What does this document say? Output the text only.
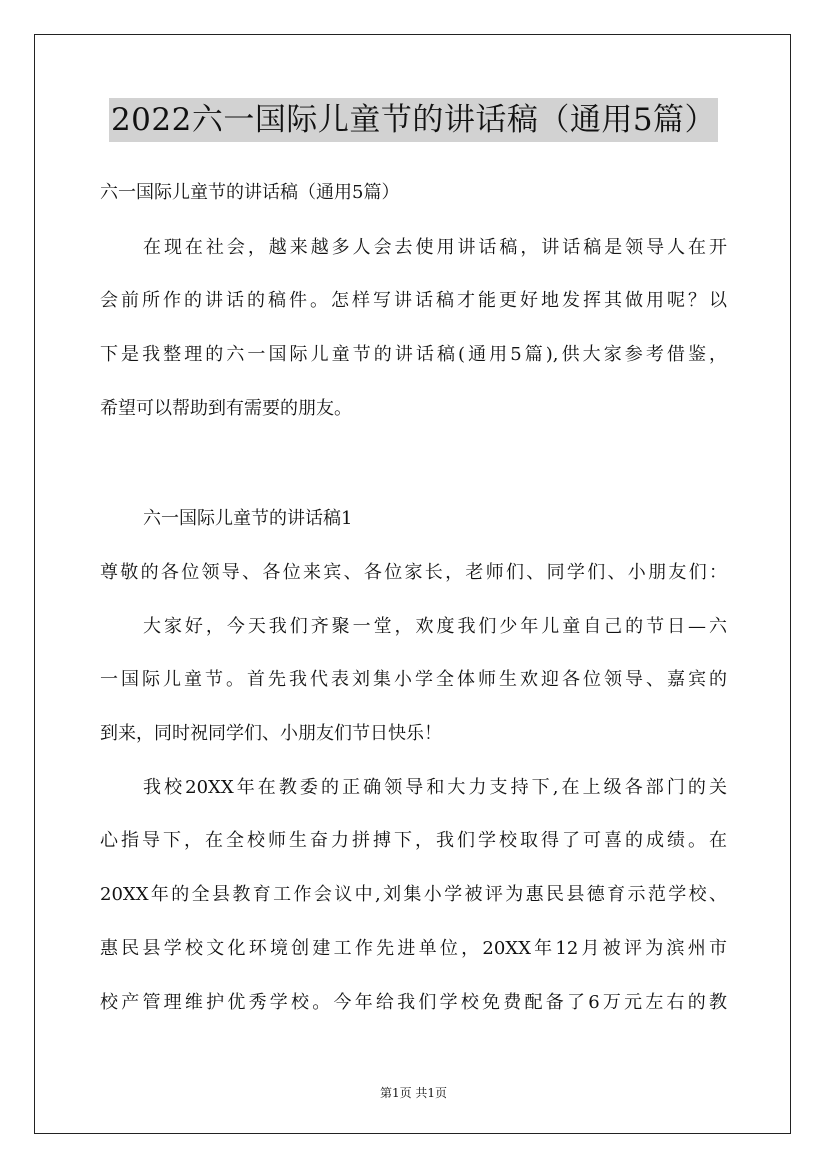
2022六一国际儿童节的讲话稿（通用5篇）
六一国际儿童节的讲话稿（通用5篇）
在现在社会，越来越多人会去使用讲话稿，讲话稿是领导人在开
会前所作的讲话的稿件。怎样写讲话稿才能更好地发挥其做用呢？以
下是我整理的六一国际儿童节的讲话稿(通用5篇),供大家参考借鉴，
希望可以帮助到有需要的朋友。
六一国际儿童节的讲话稿1
尊敬的各位领导、各位来宾、各位家长，老师们、同学们、小朋友们：
大家好，今天我们齐聚一堂，欢度我们少年儿童自己的节日—六
一国际儿童节。首先我代表刘集小学全体师生欢迎各位领导、嘉宾的
到来，同时祝同学们、小朋友们节日快乐！
我校20XX年在教委的正确领导和大力支持下,在上级各部门的关
心指导下，在全校师生奋力拼搏下，我们学校取得了可喜的成绩。在
20XX年的全县教育工作会议中,刘集小学被评为惠民县德育示范学校、
惠民县学校文化环境创建工作先进单位，20XX年12月被评为滨州市
校产管理维护优秀学校。今年给我们学校免费配备了6万元左右的教
第1页 共1页
